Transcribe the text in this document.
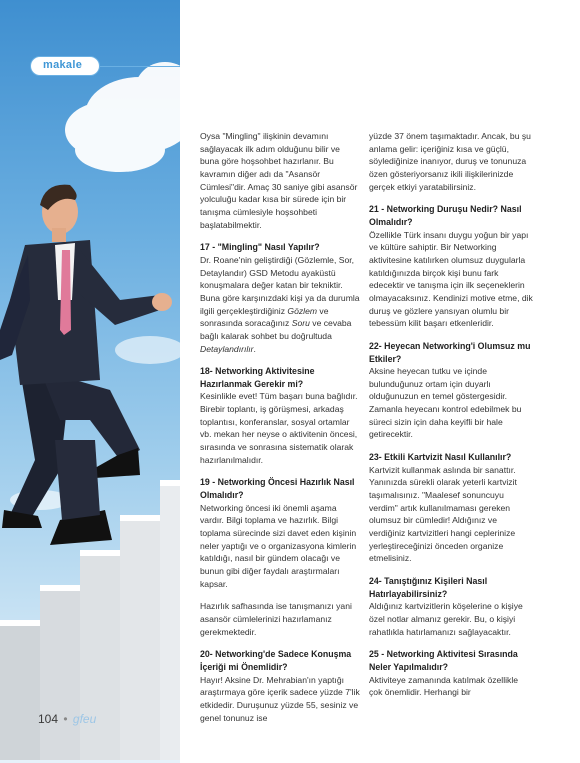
makale

Oysa "Mingling" ilişkinin devamını sağlayacak ilk adım olduğunu bilir ve buna göre hoşsohbet hazırlanır. Bu kavramın diğer adı da "Asansör Cümlesi"dir. Amaç 30 saniye gibi asansör yolculuğu kadar kısa bir sürede için bir tanışma cümlesiyle hoşsohbeti başlatabilmektir.

17 - "Mingling" Nasıl Yapılır?

Dr. Roane'nin geliştirdiği (Gözlemle, Sor, Detaylandır) GSD Metodu ayaküstü konuşmalara değer katan bir tekniktir. Buna göre karşınızdaki kişi ya da durumla ilgili gerçekleştirdiğiniz Gözlem ve sonrasında soracağınız Soru ve cevaba bağlı kalarak sohbet bu doğrultuda Detaylandırılır.

18- Networking Aktivitesine Hazırlanmak Gerekir mi?

Kesinlikle evet! Tüm başarı buna bağlıdır. Birebir toplantı, iş görüşmesi, arkadaş toplantısı, konferanslar, sosyal ortamlar vb. mekan her neyse o aktivitenin öncesi, sırasında ve sonrasına sistematik olarak hazırlanılmalıdır.

19 - Networking Öncesi Hazırlık Nasıl Olmalıdır?

Networking öncesi iki önemli aşama vardır. Bilgi toplama ve hazırlık. Bilgi toplama sürecinde sizi davet eden kişinin neler yaptığı ve o organizasyona kimlerin katıldığı, nasıl bir gündem olacağı ve bunun gibi diğer faydalı araştırmaları kapsar.

Hazırlık safhasında ise tanışmanızı yani asansör cümlelerinizi hazırlamanız gerekmektedir.

20- Networking'de Sadece Konuşma İçeriği mi Önemlidir?

Hayır! Aksine Dr. Mehrabian'ın yaptığı araştırmaya göre içerik sadece yüzde 7'lik etkidedir. Duruşunuz yüzde 55, sesiniz ve genel tonunuz ise

yüzde 37 önem taşımaktadır. Ancak, bu şu anlama gelir: içeriğiniz kısa ve güçlü, söylediğinize inanıyor, duruş ve tonunuza özen gösteriyorsanız ikili ilişkilerinizde gerçek etkiyi yaratabilirsiniz.

21 - Networking Duruşu Nedir? Nasıl Olmalıdır?

Özellikle Türk insanı duygu yoğun bir yapı ve kültüre sahiptir. Bir Networking aktivitesine katılırken olumsuz duygularla katıldığınızda birçok kişi bunu fark edecektir ve tanışma için ilk seçeneklerin olmayacaksınız. Kendinizi motive etme, dik duruş ve gözlere yansıyan olumlu bir tebessüm kilit başarı etkenleridir.

22- Heyecan Networking'i Olumsuz mu Etkiler?

Aksine heyecan tutku ve içinde bulunduğunuz ortam için duyarlı olduğunuzun en temel göstergesidir. Zamanla heyecanı kontrol edebilmek bu süreci sizin için daha keyifli bir hale getirecektir.

23- Etkili Kartvizit Nasıl Kullanılır?

Kartvizit kullanmak aslında bir sanattır. Yanınızda sürekli olarak yeterli kartvizit taşımalısınız. "Maalesef sonuncuyu verdim" artık kullanılmaması gereken olumsuz bir cümledir! Aldığınız ve verdiğiniz kartvizitleri hangi ceplerinize yerleştireceğinizi önceden organize etmelisiniz.

24- Tanıştığınız Kişileri Nasıl Hatırlayabilirsiniz?

Aldığınız kartvizitlerin köşelerine o kişiye özel notlar almanız gerekir. Bu, o kişiyi rahatlıkla hatırlamanızı sağlayacaktır.

25 - Networking Aktivitesi Sırasında Neler Yapılmalıdır?

Aktiviteye zamanında katılmak özellikle çok önemlidir. Herhangi bir

104 • gfeu
